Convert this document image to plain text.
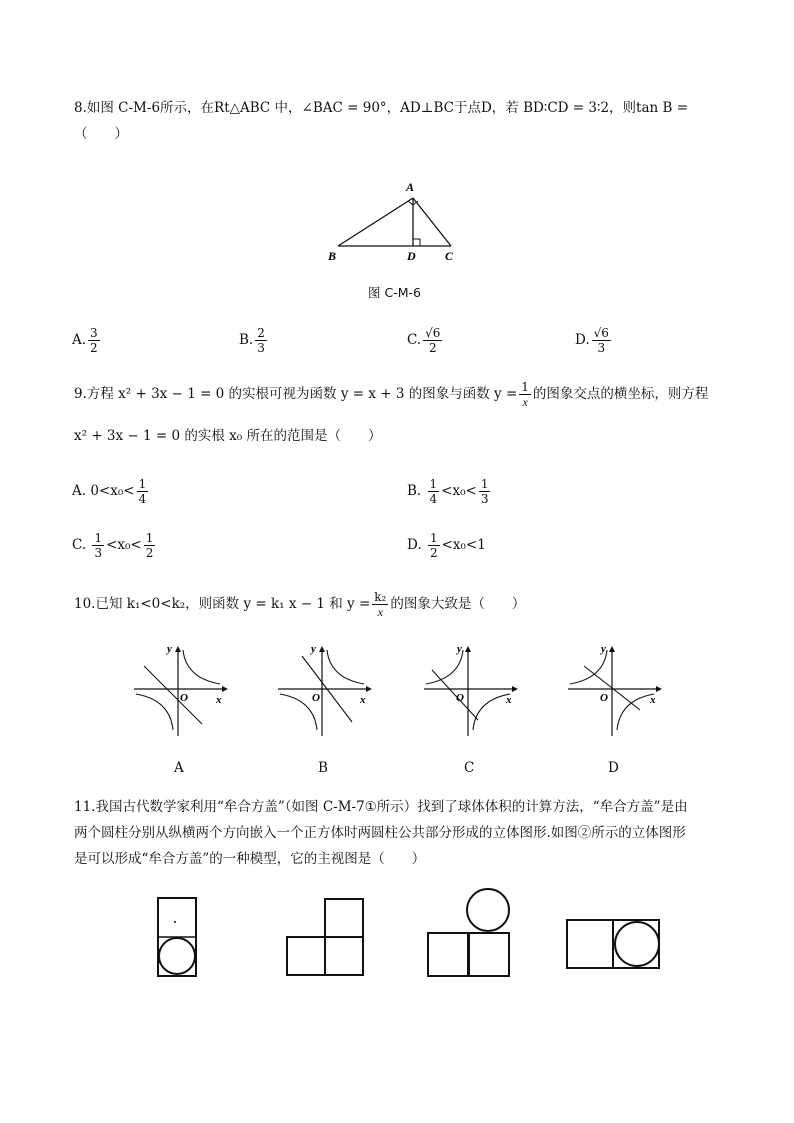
8.如图 C-M-6所示，在Rt△ABC 中，∠BAC = 90°，AD⊥BC于点D，若 BD∶CD = 3∶2，则tan B =
（　　）
A
B	D C
图 C-M-6
A. $\frac{3}{2}$	B. $\frac{2}{3}$	C. $\frac{√6}{2}$	D. $\frac{√6}{3}$
9.方程 x² + 3x − 1 = 0 的实根可视为函数 y = x + 3 的图象与函数 $y = \frac{1}{x}$ 的图象交点的横坐标，则方程
x² + 3x − 1 = 0 的实根 x₀ 所在的范围是（　　）
A. $0<x_0< \frac{1}{4}$	B. $\frac{1}{4} <x_0< \frac{1}{3}$
C. $\frac{1}{3} <x_0< \frac{1}{2}$	D. $\frac{1}{2} <x_0<1$
10.已知 k₁<0<k₂，则函数 y = k₁ x − 1 和 $y = \frac{\text{k₂}}{x}$ 的图象大致是（　　）
y
x
O
A
y
x
O
B
y
x
O
C
y
x
O
D
11.我国古代数学家利用“牟合方盖”（如图 C-M-7①所示）找到了球体体积的计算方法，“牟合方盖”是由
两个圆柱分别从纵横两个方向嵌入一个正方体时两圆柱公共部分形成的立体图形.如图②所示的立体图形
是可以形成“牟合方盖”的一种模型，它的主视图是（　　）
